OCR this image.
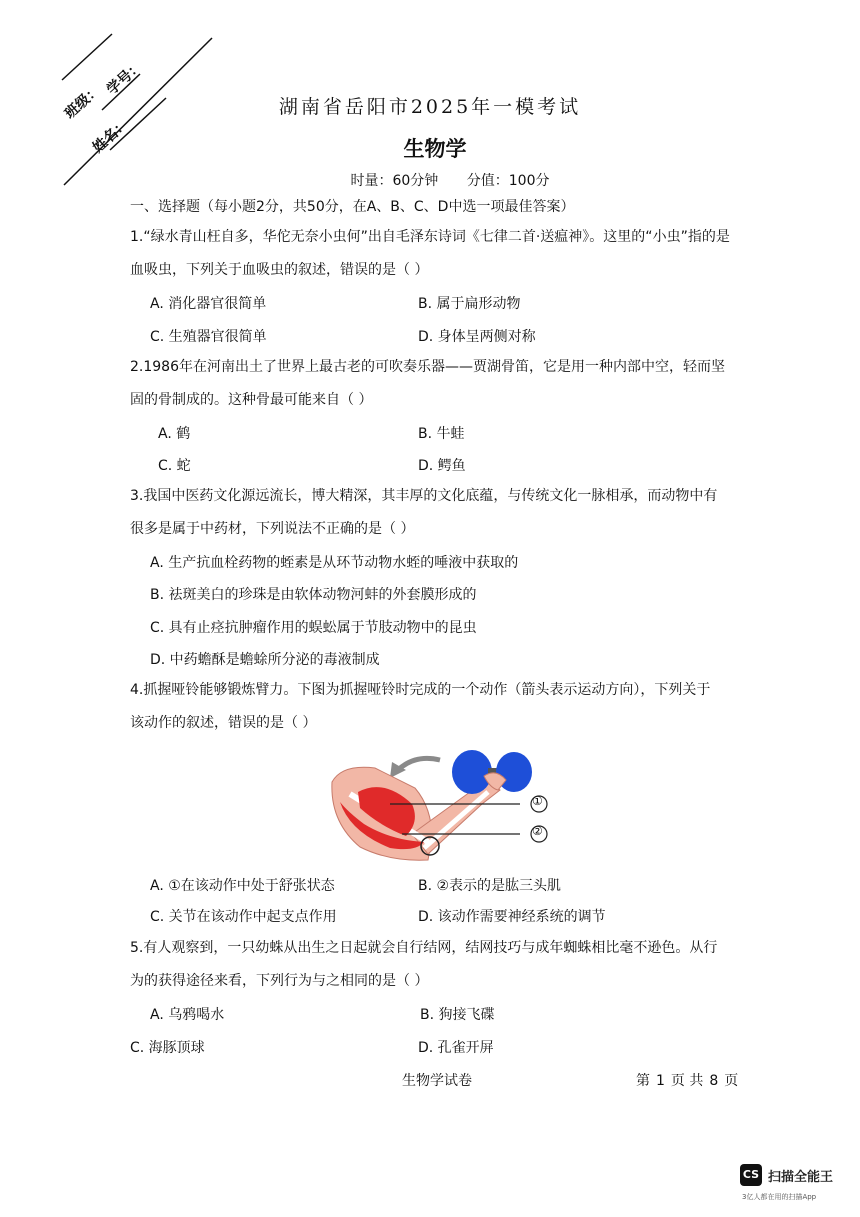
班级：
学号：
姓名：
湖南省岳阳市2025年一模考试
生物学
时量：60分钟 分值：100分
一、选择题（每小题2分，共50分，在A、B、C、D中选一项最佳答案）
1.“绿水青山枉自多，华佗无奈小虫何”出自毛泽东诗词《七律二首·送瘟神》。这里的“小虫”指的是
血吸虫，下列关于血吸虫的叙述，错误的是（ ）
A. 消化器官很简单	B. 属于扁形动物
C. 生殖器官很简单	D. 身体呈两侧对称
2.1986年在河南出土了世界上最古老的可吹奏乐器——贾湖骨笛，它是用一种内部中空，轻而坚
固的骨制成的。这种骨最可能来自（ ）
A. 鹤	B. 牛蛙
C. 蛇	D. 鳄鱼
3.我国中医药文化源远流长，博大精深，其丰厚的文化底蕴，与传统文化一脉相承，而动物中有
很多是属于中药材，下列说法不正确的是（ ）
A. 生产抗血栓药物的蛭素是从环节动物水蛭的唾液中获取的
B. 祛斑美白的珍珠是由软体动物河蚌的外套膜形成的
C. 具有止痉抗肿瘤作用的蜈蚣属于节肢动物中的昆虫
D. 中药蟾酥是蟾蜍所分泌的毒液制成
4.抓握哑铃能够锻炼臂力。下图为抓握哑铃时完成的一个动作（箭头表示运动方向），下列关于
该动作的叙述，错误的是（ ）
①
②
A. ①在该动作中处于舒张状态	B. ②表示的是肱三头肌
C. 关节在该动作中起支点作用	D. 该动作需要神经系统的调节
5.有人观察到，一只幼蛛从出生之日起就会自行结网，结网技巧与成年蜘蛛相比毫不逊色。从行
为的获得途径来看，下列行为与之相同的是（ ）
A. 乌鸦喝水	B. 狗接飞碟
C. 海豚顶球	D. 孔雀开屏
生物学试卷	第 1 页 共 8 页
CS 扫描全能王
3亿人都在用的扫描App
